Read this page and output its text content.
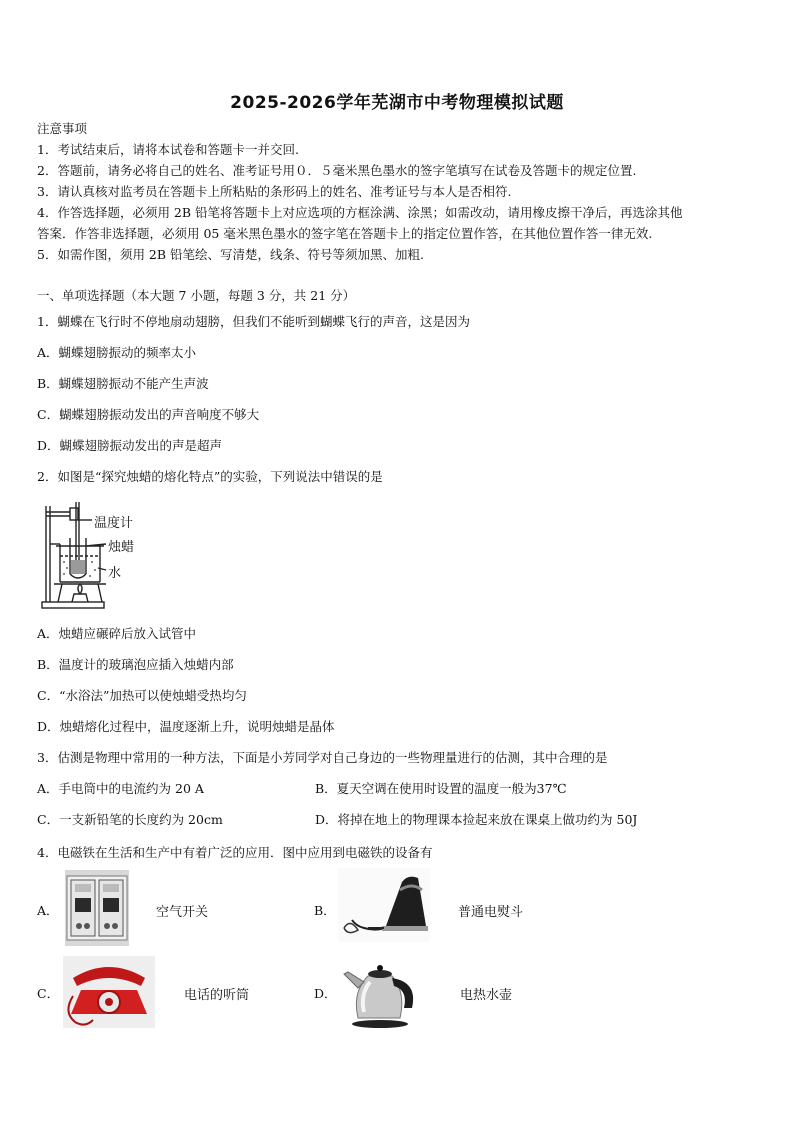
2025-2026学年芜湖市中考物理模拟试题
注意事项
1．考试结束后，请将本试卷和答题卡一并交回.
2．答题前，请务必将自己的姓名、准考证号用０．５毫米黑色墨水的签字笔填写在试卷及答题卡的规定位置.
3．请认真核对监考员在答题卡上所粘贴的条形码上的姓名、准考证号与本人是否相符.
4．作答选择题，必须用 2B 铅笔将答题卡上对应选项的方框涂满、涂黑；如需改动，请用橡皮擦干净后，再选涂其他
答案．作答非选择题，必须用 05 毫米黑色墨水的签字笔在答题卡上的指定位置作答，在其他位置作答一律无效.
5．如需作图，须用 2B 铅笔绘、写清楚，线条、符号等须加黑、加粗.
一、单项选择题（本大题 7 小题，每题 3 分，共 21 分）
1．蝴蝶在飞行时不停地扇动翅膀，但我们不能听到蝴蝶飞行的声音，这是因为
A．蝴蝶翅膀振动的频率太小
B．蝴蝶翅膀振动不能产生声波
C．蝴蝶翅膀振动发出的声音响度不够大
D．蝴蝶翅膀振动发出的声是超声
2．如图是“探究烛蜡的熔化特点”的实验，下列说法中错误的是
温度计
烛蜡
水
A．烛蜡应碾碎后放入试管中
B．温度计的玻璃泡应插入烛蜡内部
C．“水浴法”加热可以使烛蜡受热均匀
D．烛蜡熔化过程中，温度逐渐上升，说明烛蜡是晶体
3．估测是物理中常用的一种方法，下面是小芳同学对自己身边的一些物理量进行的估测，其中合理的是
A．手电筒中的电流约为 20 A	B．夏天空调在使用时设置的温度一般为37℃
C．一支新铅笔的长度约为 20cm	D．将掉在地上的物理课本捡起来放在课桌上做功约为 50J
4．电磁铁在生活和生产中有着广泛的应用．图中应用到电磁铁的设备有
A．	空气开关	B．	普通电熨斗
C．	电话的听筒	D．	电热水壶
